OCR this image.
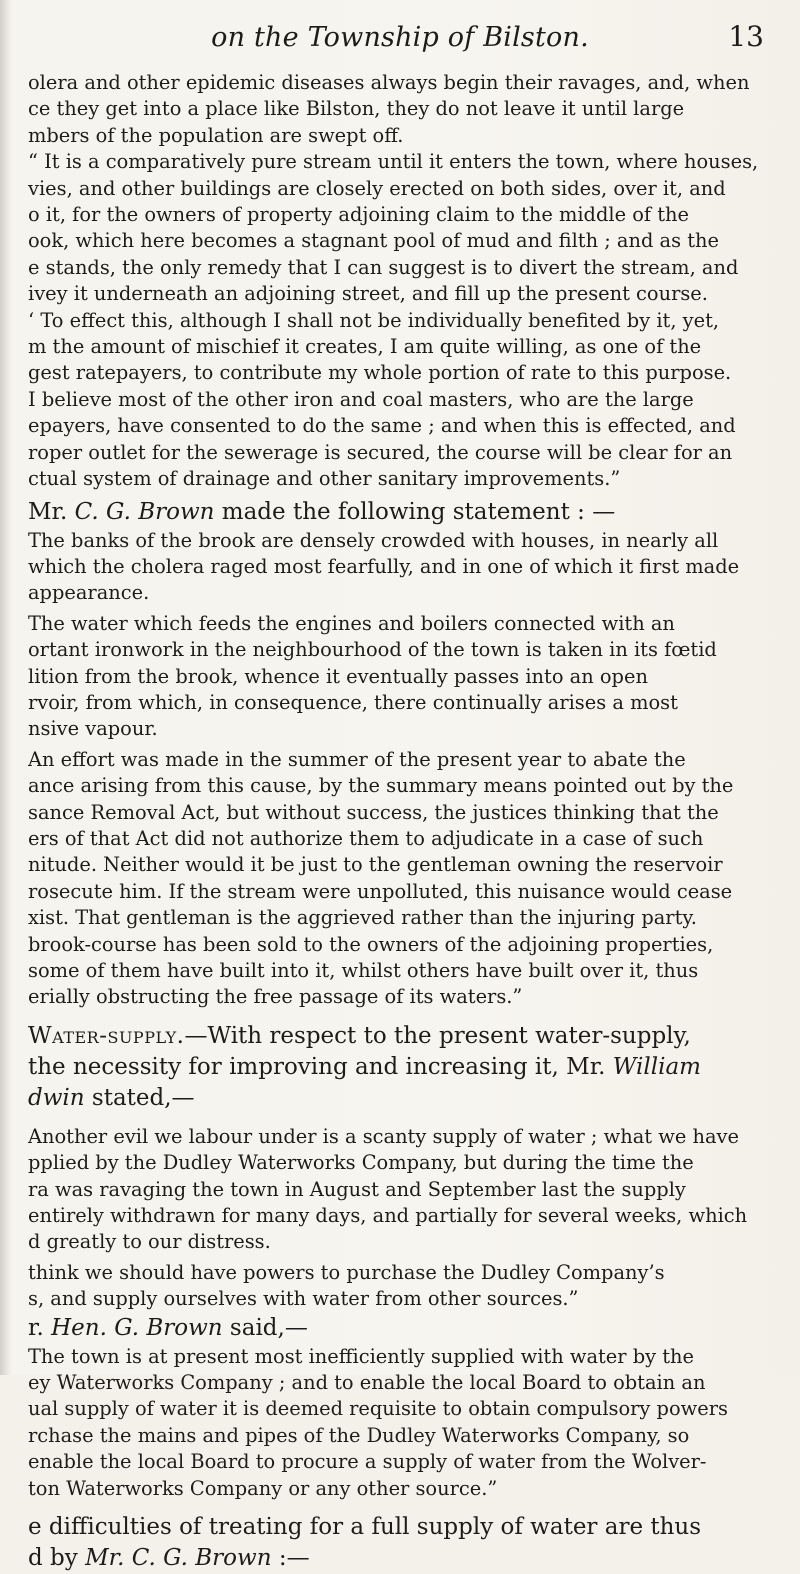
on the Township of Bilston.	13

olera and other epidemic diseases always begin their ravages, and, when
ce they get into a place like Bilston, they do not leave it until large
mbers of the population are swept off.

“ It is a comparatively pure stream until it enters the town, where houses,
vies, and other buildings are closely erected on both sides, over it, and
o it, for the owners of property adjoining claim to the middle of the
ook, which here becomes a stagnant pool of mud and filth ; and as the
e stands, the only remedy that I can suggest is to divert the stream, and
ivey it underneath an adjoining street, and fill up the present course.

‘ To effect this, although I shall not be individually benefited by it, yet,
m the amount of mischief it creates, I am quite willing, as one of the
gest ratepayers, to contribute my whole portion of rate to this purpose.
I believe most of the other iron and coal masters, who are the large
epayers, have consented to do the same ; and when this is effected, and
roper outlet for the sewerage is secured, the course will be clear for an
ctual system of drainage and other sanitary improvements.”

Mr. C. G. Brown made the following statement : —

The banks of the brook are densely crowded with houses, in nearly all
which the cholera raged most fearfully, and in one of which it first made
appearance.

The water which feeds the engines and boilers connected with an
ortant ironwork in the neighbourhood of the town is taken in its fœtid
lition from the brook, whence it eventually passes into an open
rvoir, from which, in consequence, there continually arises a most
nsive vapour.

An effort was made in the summer of the present year to abate the
ance arising from this cause, by the summary means pointed out by the
sance Removal Act, but without success, the justices thinking that the
ers of that Act did not authorize them to adjudicate in a case of such
nitude. Neither would it be just to the gentleman owning the reservoir
rosecute him. If the stream were unpolluted, this nuisance would cease
xist. That gentleman is the aggrieved rather than the injuring party.
brook-course has been sold to the owners of the adjoining properties,
some of them have built into it, whilst others have built over it, thus
erially obstructing the free passage of its waters.”

Water-supply.—With respect to the present water-supply,
the necessity for improving and increasing it, Mr. William
dwin stated,—

Another evil we labour under is a scanty supply of water ; what we have
pplied by the Dudley Waterworks Company, but during the time the
ra was ravaging the town in August and September last the supply
entirely withdrawn for many days, and partially for several weeks, which
d greatly to our distress.

think we should have powers to purchase the Dudley Company’s
s, and supply ourselves with water from other sources.”

r. Hen. G. Brown said,—

The town is at present most inefficiently supplied with water by the
ey Waterworks Company ; and to enable the local Board to obtain an
ual supply of water it is deemed requisite to obtain compulsory powers
rchase the mains and pipes of the Dudley Waterworks Company, so
enable the local Board to procure a supply of water from the Wolver-
ton Waterworks Company or any other source.”

e difficulties of treating for a full supply of water are thus
d by Mr. C. G. Brown :—
